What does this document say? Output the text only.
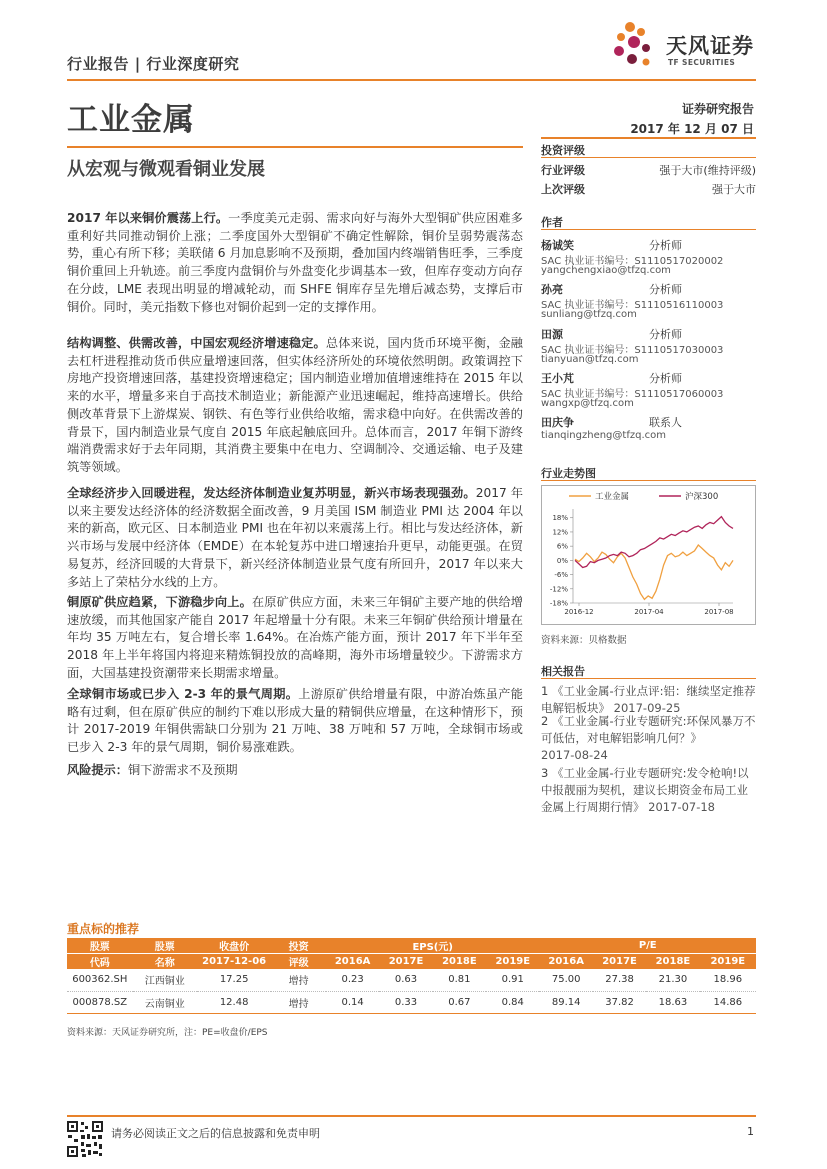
行业报告 | 行业深度研究
天风证券
TF SECURITIES
工业金属	证券研究报告
2017 年 12 月 07 日
从宏观与微观看铜业发展
投资评级
行业评级	强于大市(维持评级)
上次评级	强于大市
作者
杨诚笑	分析师
SAC 执业证书编号：S1110517020002
yangchengxiao@tfzq.com
孙亮	分析师
SAC 执业证书编号：S1110516110003
sunliang@tfzq.com
田源	分析师
SAC 执业证书编号：S1110517030003
tianyuan@tfzq.com
王小芃	分析师
SAC 执业证书编号：S1110517060003
wangxp@tfzq.com
田庆争	联系人
tianqingzheng@tfzq.com
2017 年以来铜价震荡上行。一季度美元走弱、需求向好与海外大型铜矿供应困难多重利好共同推动铜价上涨；二季度国外大型铜矿不确定性解除，铜价呈弱势震荡态势，重心有所下移；美联储 6 月加息影响不及预期，叠加国内终端销售旺季，三季度铜价重回上升轨迹。前三季度内盘铜价与外盘变化步调基本一致，但库存变动方向存在分歧，LME 表现出明显的增减轮动，而 SHFE 铜库存呈先增后减态势，支撑后市铜价。同时，美元指数下修也对铜价起到一定的支撑作用。
结构调整、供需改善，中国宏观经济增速稳定。总体来说，国内货币环境平衡，金融去杠杆进程推动货币供应量增速回落，但实体经济所处的环境依然明朗。政策调控下房地产投资增速回落，基建投资增速稳定；国内制造业增加值增速维持在 2015 年以来的水平，增量多来自于高技术制造业；新能源产业迅速崛起，维持高速增长。供给侧改革背景下上游煤炭、钢铁、有色等行业供给收缩，需求稳中向好。在供需改善的背景下，国内制造业景气度自 2015 年底起触底回升。总体而言，2017 年铜下游终端消费需求好于去年同期，其消费主要集中在电力、空调制冷、交通运输、电子及建筑等领域。
全球经济步入回暖进程，发达经济体制造业复苏明显，新兴市场表现强劲。2017 年以来主要发达经济体的经济数据全面改善，9 月美国 ISM 制造业 PMI 达 2004 年以来的新高，欧元区、日本制造业 PMI 也在年初以来震荡上行。相比与发达经济体，新兴市场与发展中经济体（EMDE）在本轮复苏中进口增速抬升更早，动能更强。在贸易复苏，经济回暖的大背景下，新兴经济体制造业景气度有所回升，2017 年以来大多站上了荣枯分水线的上方。
铜原矿供应趋紧，下游稳步向上。在原矿供应方面，未来三年铜矿主要产地的供给增速放缓，而其他国家产能自 2017 年起增量十分有限。未来三年铜矿供给预计增量在年均 35 万吨左右，复合增长率 1.64%。在冶炼产能方面，预计 2017 年下半年至 2018 年上半年将国内将迎来精炼铜投放的高峰期，海外市场增量较少。下游需求方面，大国基建投资潮带来长期需求增量。
全球铜市场或已步入 2-3 年的景气周期。上游原矿供给增量有限，中游冶炼虽产能略有过剩，但在原矿供应的制约下难以形成大量的精铜供应增量，在这种情形下，预计 2017-2019 年铜供需缺口分别为 21 万吨、38 万吨和 57 万吨，全球铜市场或已步入 2-3 年的景气周期，铜价易涨难跌。
风险提示：铜下游需求不及预期
行业走势图
18%
12%
6%
0%
-6%
-12%
-18%
2016-12	2017-04	2017-08
工业金属	沪深300
资料来源：贝格数据
相关报告
1 《工业金属-行业点评:铝：继续坚定推荐电解铝板块》 2017-09-25
2 《工业金属-行业专题研究:环保风暴万不可低估，对电解铝影响几何？》
2017-08-24
3 《工业金属-行业专题研究:发令枪响!以中报靓丽为契机，建议长期资金布局工业金属上行周期行情》 2017-07-18
重点标的推荐
股票	股票	收盘价	投资	EPS(元)				P/E			
代码	名称	2017-12-06	评级	2016A	2017E	2018E	2019E	2016A	2017E	2018E	2019E
600362.SH	江西铜业	17.25	增持	0.23	0.63	0.81	0.91	75.00	27.38	21.30	18.96
000878.SZ	云南铜业	12.48	增持	0.14	0.33	0.67	0.84	89.14	37.82	18.63	14.86
资料来源：天风证券研究所，注：PE=收盘价/EPS
请务必阅读正文之后的信息披露和免责申明	1
